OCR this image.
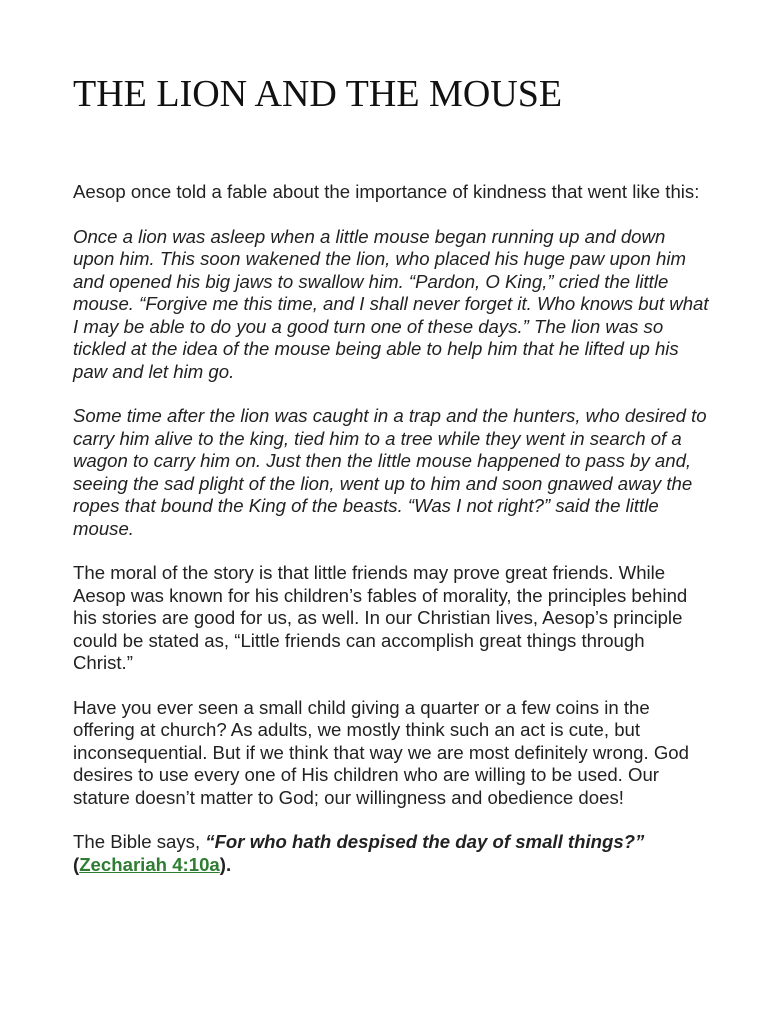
THE LION AND THE MOUSE

Aesop once told a fable about the importance of kindness that went like this:

Once a lion was asleep when a little mouse began running up and down upon him. This soon wakened the lion, who placed his huge paw upon him and opened his big jaws to swallow him. “Pardon, O King,” cried the little mouse. “Forgive me this time, and I shall never forget it. Who knows but what I may be able to do you a good turn one of these days.” The lion was so tickled at the idea of the mouse being able to help him that he lifted up his paw and let him go.

Some time after the lion was caught in a trap and the hunters, who desired to carry him alive to the king, tied him to a tree while they went in search of a wagon to carry him on. Just then the little mouse happened to pass by and, seeing the sad plight of the lion, went up to him and soon gnawed away the ropes that bound the King of the beasts. “Was I not right?” said the little mouse.

The moral of the story is that little friends may prove great friends. While Aesop was known for his children’s fables of morality, the principles behind his stories are good for us, as well. In our Christian lives, Aesop’s principle could be stated as, “Little friends can accomplish great things through Christ.”

Have you ever seen a small child giving a quarter or a few coins in the offering at church? As adults, we mostly think such an act is cute, but inconsequential. But if we think that way we are most definitely wrong. God desires to use every one of His children who are willing to be used. Our stature doesn’t matter to God; our willingness and obedience does!

The Bible says, “For who hath despised the day of small things?” (Zechariah 4:10a).
